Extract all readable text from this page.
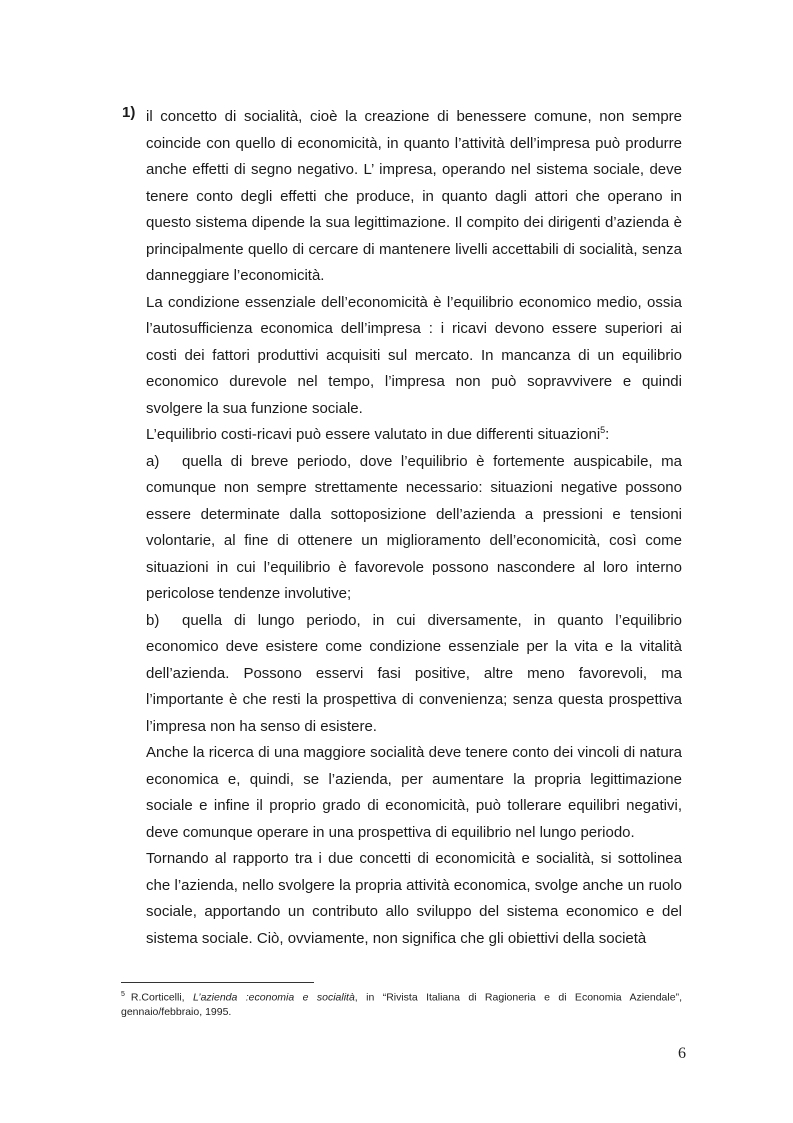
1) il concetto di socialità, cioè la creazione di benessere comune, non sempre coincide con quello di economicità, in quanto l’attività dell’impresa può produrre anche effetti di segno negativo. L’ impresa, operando nel sistema sociale, deve tenere conto degli effetti che produce, in quanto dagli attori che operano in questo sistema dipende la sua legittimazione. Il compito dei dirigenti d’azienda è principalmente quello di cercare di mantenere livelli accettabili di socialità, senza danneggiare l’economicità.

La condizione essenziale dell’economicità è l’equilibrio economico medio, ossia l’autosufficienza economica dell’impresa : i ricavi devono essere superiori ai costi dei fattori produttivi acquisiti sul mercato. In mancanza di un equilibrio economico durevole nel tempo, l’impresa non può sopravvivere e quindi svolgere la sua funzione sociale.

L’equilibrio costi-ricavi può essere valutato in due differenti situazioni$^5$:

a) quella di breve periodo, dove l’equilibrio è fortemente auspicabile, ma comunque non sempre strettamente necessario: situazioni negative possono essere determinate dalla sottoposizione dell’azienda a pressioni e tensioni volontarie, al fine di ottenere un miglioramento dell’economicità, così come situazioni in cui l’equilibrio è favorevole possono nascondere al loro interno pericolose tendenze involutive;

b) quella di lungo periodo, in cui diversamente, in quanto l’equilibrio economico deve esistere come condizione essenziale per la vita e la vitalità dell’azienda. Possono esservi fasi positive, altre meno favorevoli, ma l’importante è che resti la prospettiva di convenienza; senza questa prospettiva l’impresa non ha senso di esistere.

Anche la ricerca di una maggiore socialità deve tenere conto dei vincoli di natura economica e, quindi, se l’azienda, per aumentare la propria legittimazione sociale e infine il proprio grado di economicità, può tollerare equilibri negativi, deve comunque operare in una prospettiva di equilibrio nel lungo periodo.

Tornando al rapporto tra i due concetti di economicità e socialità, si sottolinea che l’azienda, nello svolgere la propria attività economica, svolge anche un ruolo sociale, apportando un contributo allo sviluppo del sistema economico e del sistema sociale. Ciò, ovviamente, non significa che gli obiettivi della società

$^5$ R.Corticelli, L’azienda :economia e socialità, in “Rivista Italiana di Ragioneria e di Economia Aziendale”, gennaio/febbraio, 1995.
6
